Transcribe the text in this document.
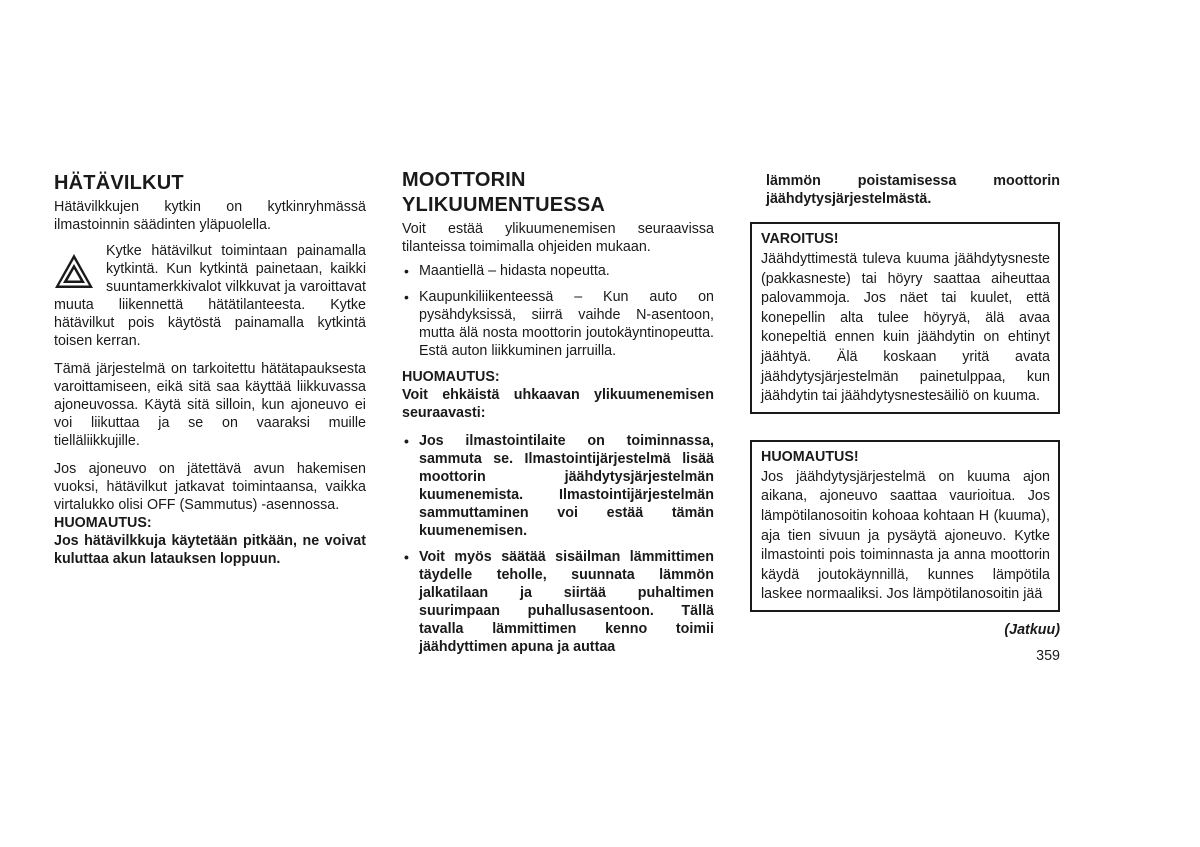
HÄTÄVILKUT

Hätävilkkujen kytkin on kytkinryhmässä ilmastoinnin säädinten yläpuolella.

Kytke hätävilkut toimintaan painamalla kytkintä. Kun kytkintä painetaan, kaikki suuntamerkkivalot vilkkuvat ja varoittavat muuta liikennettä hätätilanteesta. Kytke hätävilkut pois käytöstä painamalla kytkintä toisen kerran.

Tämä järjestelmä on tarkoitettu hätätapauksesta varoittamiseen, eikä sitä saa käyttää liikkuvassa ajoneuvossa. Käytä sitä silloin, kun ajoneuvo ei voi liikuttaa ja se on vaaraksi muille tielläliikkujille.

Jos ajoneuvo on jätettävä avun hakemisen vuoksi, hätävilkut jatkavat toimintaansa, vaikka virtalukko olisi OFF (Sammutus) -asennossa.

HUOMAUTUS:

Jos hätävilkkuja käytetään pitkään, ne voivat kuluttaa akun latauksen loppuun.

MOOTTORIN
YLIKUUMENTUESSA

Voit estää ylikuumenemisen seuraavissa tilanteissa toimimalla ohjeiden mukaan.

• Maantiellä – hidasta nopeutta.
• Kaupunkiliikenteessä – Kun auto on pysähdyksissä, siirrä vaihde N-asentoon, mutta älä nosta moottorin joutokäyntinopeutta. Estä auton liikkuminen jarruilla.

HUOMAUTUS:

Voit ehkäistä uhkaavan ylikuumenemisen seuraavasti:

• Jos ilmastointilaite on toiminnassa, sammuta se. Ilmastointijärjestelmä lisää moottorin jäähdytysjärjestelmän kuumenemista. Ilmastointijärjestelmän sammuttaminen voi estää tämän kuumenemisen.
• Voit myös säätää sisäilman lämmittimen täydelle teholle, suunnata lämmön jalkatilaan ja siirtää puhaltimen suurimpaan puhallusasentoon. Tällä tavalla lämmittimen kenno toimii jäähdyttimen apuna ja auttaa

lämmön poistamisessa moottorin jäähdytysjärjestelmästä.

VAROITUS!

Jäähdyttimestä tuleva kuuma jäähdytysneste (pakkasneste) tai höyry saattaa aiheuttaa palovammoja. Jos näet tai kuulet, että konepellin alta tulee höyryä, älä avaa konepeltiä ennen kuin jäähdytin on ehtinyt jäähtyä. Älä koskaan yritä avata jäähdytysjärjestelmän painetulppaa, kun jäähdytin tai jäähdytysnestesäiliö on kuuma.

HUOMAUTUS!

Jos jäähdytysjärjestelmä on kuuma ajon aikana, ajoneuvo saattaa vaurioitua. Jos lämpötilanosoitin kohoaa kohtaan H (kuuma), aja tien sivuun ja pysäytä ajoneuvo. Kytke ilmastointi pois toiminnasta ja anna moottorin käydä joutokäynnillä, kunnes lämpötila laskee normaaliksi. Jos lämpötilanosoitin jää

(Jatkuu)
359
